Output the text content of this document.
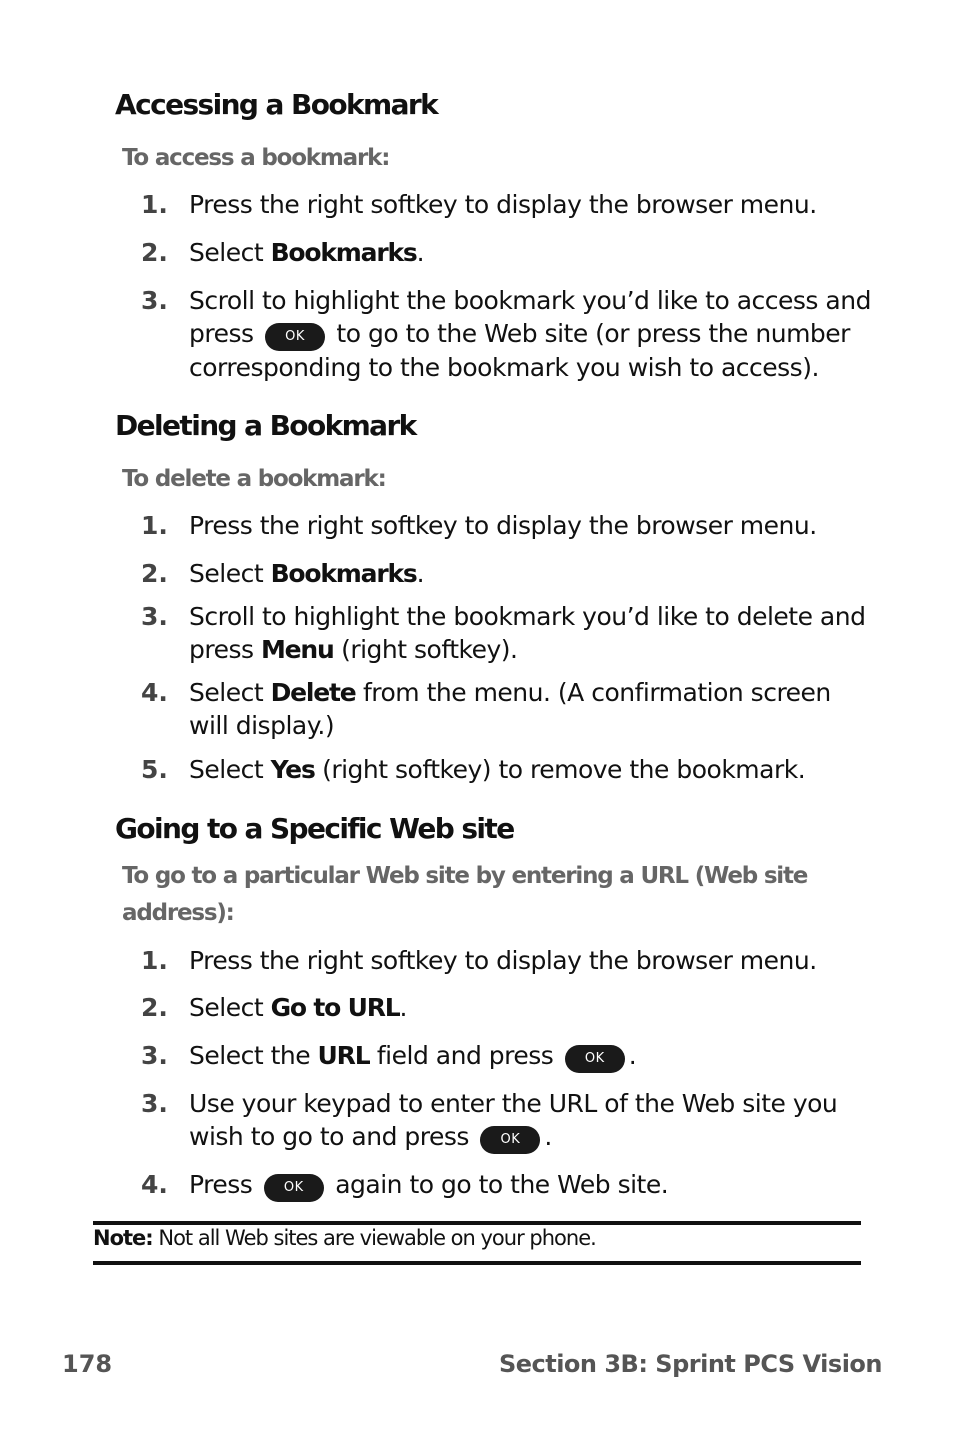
Accessing a Bookmark

To access a bookmark:

1. Press the right softkey to display the browser menu.
2. Select Bookmarks.
3. Scroll to highlight the bookmark you’d like to access and press OK to go to the Web site (or press the number corresponding to the bookmark you wish to access).
Deleting a Bookmark

To delete a bookmark:

1. Press the right softkey to display the browser menu.
2. Select Bookmarks.
3. Scroll to highlight the bookmark you’d like to delete and press Menu (right softkey).
4. Select Delete from the menu. (A confirmation screen will display.)
5. Select Yes (right softkey) to remove the bookmark.
Going to a Specific Web site

To go to a particular Web site by entering a URL (Web site address):

1. Press the right softkey to display the browser menu.
2. Select Go to URL.
3. Select the URL field and press OK .
3. Use your keypad to enter the URL of the Web site you wish to go to and press OK .
4. Press OK again to go to the Web site.
Note: Not all Web sites are viewable on your phone.
178	Section 3B: Sprint PCS Vision
